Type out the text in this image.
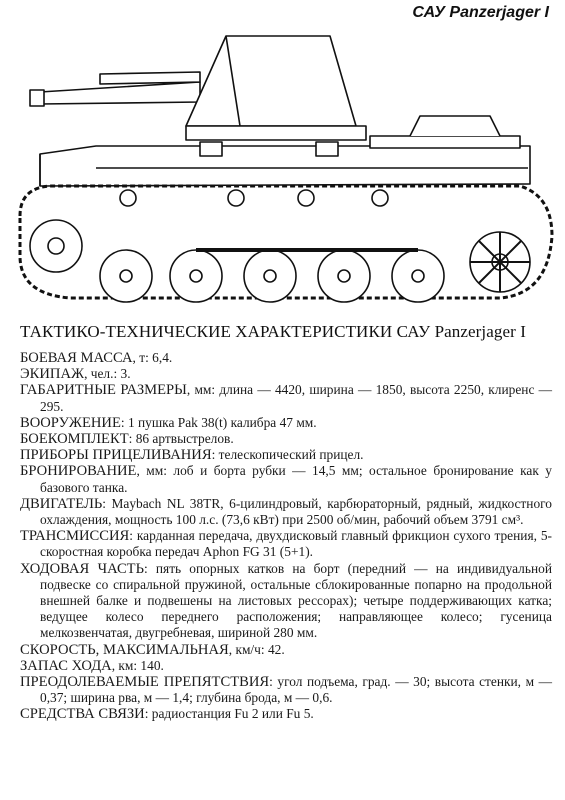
САУ Panzerjager I
ТАКТИКО-ТЕХНИЧЕСКИЕ ХАРАКТЕРИСТИКИ САУ Panzerjager I

БОЕВАЯ МАССА, т: 6,4.

ЭКИПАЖ, чел.: 3.

ГАБАРИТНЫЕ РАЗМЕРЫ, мм: длина — 4420, ширина — 1850, высота 2250, клиренс — 295.

ВООРУЖЕНИЕ: 1 пушка Pak 38(t) калибра 47 мм.

БОЕКОМПЛЕКТ: 86 артвыстрелов.

ПРИБОРЫ ПРИЦЕЛИВАНИЯ: телескопический прицел.

БРОНИРОВАНИЕ, мм: лоб и борта рубки — 14,5 мм; остальное бронирование как у базового танка.

ДВИГАТЕЛЬ: Maybach NL 38TR, 6-цилиндровый, карбюраторный, рядный, жидкостного охлаждения, мощность 100 л.с. (73,6 кВт) при 2500 об/мин, рабочий объем 3791 см³.

ТРАНСМИССИЯ: карданная передача, двухдисковый главный фрикцион сухого трения, 5-скоростная коробка передач Aphon FG 31 (5+1).

ХОДОВАЯ ЧАСТЬ: пять опорных катков на борт (передний — на индивидуальной подвеске со спиральной пружиной, остальные сблокированные попарно на продольной внешней балке и подвешены на листовых рессорах); четыре поддерживающих катка; ведущее колесо переднего расположения; направляющее колесо; гусеница мелкозвенчатая, двугребневая, шириной 280 мм.

СКОРОСТЬ, МАКСИМАЛЬНАЯ, км/ч: 42.

ЗАПАС ХОДА, км: 140.

ПРЕОДОЛЕВАЕМЫЕ ПРЕПЯТСТВИЯ: угол подъема, град. — 30; высота стенки, м — 0,37; ширина рва, м — 1,4; глубина брода, м — 0,6.

СРЕДСТВА СВЯЗИ: радиостанция Fu 2 или Fu 5.
